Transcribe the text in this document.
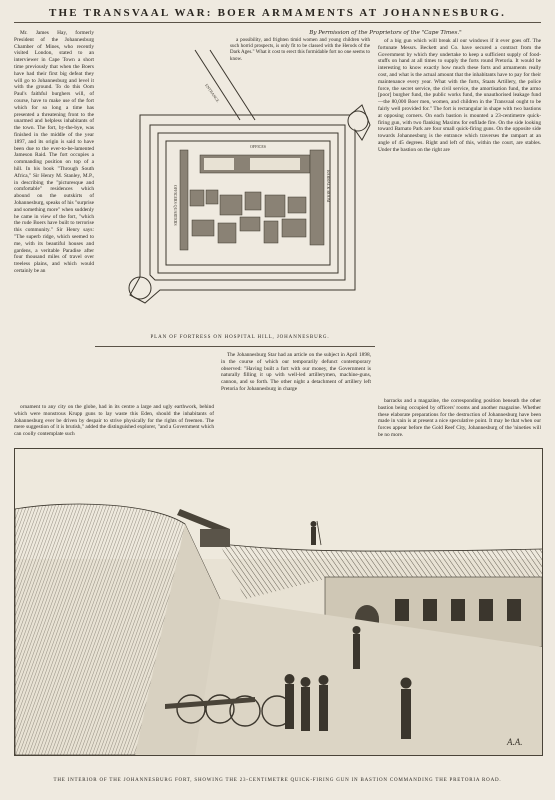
THE TRANSVAAL WAR: BOER ARMAMENTS AT JOHANNESBURG.

Mr. James Hay, formerly President of the Johannesburg Chamber of Mines, who recently visited London, stated to an interviewer in Cape Town a short time previously that when the Boers have had their first big defeat they will go to Johannesburg and level it with the ground. To do this Oom Paul's faithful burghers will, of course, have to make use of the fort which for so long a time has presented a threatening front to the unarmed and helpless inhabitants of the town. The fort, by-the-bye, was finished in the middle of the year 1897, and its origin is said to have been due to the ever-to-be-lamented Jameson Raid. The fort occupies a commanding position on top of a hill. In his book "Through South Africa," Sir Henry M. Stanley, M.P., in describing the "picturesque and comfortable" residences which abound on the outskirts of Johannesburg, speaks of his "surprise and something more" when suddenly he came in view of the fort, "which the rude Boers have built to terrorise this community." Sir Henry says: "The superb ridge, which seemed to me, with its beautiful houses and gardens, a veritable Paradise after four thousand miles of travel over treeless plains, and which would certainly be an

By Permission of the Proprietors of the "Cape Times."

a possibility, and frighten timid women and young children with such horrid prospects, is only fit to be classed with the Herods of the Dark Ages." What it cost to erect this formidable fort no one seems to know.

ENTRANCE
OFFICES
OFFICERS QUARTERS	BARRACK ROOM
PLAN OF FORTRESS ON HOSPITAL HILL, JOHANNESBURG.

of a big gun which will break all our windows if it ever goes off. The fortunate Messrs. Beckett and Co. have secured a contract from the Government by which they undertake to keep a sufficient supply of food-stuffs on hand at all times to supply the forts round Pretoria. It would be interesting to know exactly how much these forts and armaments really cost, and what is the actual amount that the inhabitants have to pay for their maintenance every year. What with the forts, Staats Artillery, the police force, the secret service, the civil service, the amortisation fund, the armo [poor] burgher fund, the public works fund, the unauthorised leakage fund—the 80,000 Boer men, women, and children in the Transvaal ought to be fairly well provided for." The fort is rectangular in shape with two bastions at opposing corners. On each bastion is mounted a 23-centimetre quick-firing gun, with two flanking Maxims for enfilade fire. On the side looking toward Barnato Park are four small quick-firing guns. On the opposite side towards Johannesburg is the entrance which traverses the rampart at an angle of 45 degrees. Right and left of this, within the court, are stables. Under the bastion on the right are

ornament to any city on the globe, had in its centre a large and ugly earthwork, behind which were monstrous Krupp guns to lay waste this Eden, should the inhabitants of Johannesburg ever be driven by despair to strive physically for the rights of freemen. The mere suggestion of it is brutish," added the distinguished explorer, "and a Government which can coolly contemplate such

The Johannesburg Star had an article on the subject in April 1898, in the course of which our temporarily defunct contemporary observed: "Having built a fort with our money, the Government is naturally filling it up with well-led artillerymen, machine-guns, cannon, and so forth. The other night a detachment of artillery left Pretoria for Johannesburg in charge

barracks and a magazine, the corresponding position beneath the other bastion being occupied by officers' rooms and another magazine. Whether these elaborate preparations for the destruction of Johannesburg have been made in vain is at present a nice speculative point. It may be that when our forces appear before the Gold Reef City, Johannesburg of the 'nineties will be no more.

A.A.
THE INTERIOR OF THE JOHANNESBURG FORT, SHOWING THE 23-CENTIMETRE QUICK-FIRING GUN IN BASTION COMMANDING THE PRETORIA ROAD.
